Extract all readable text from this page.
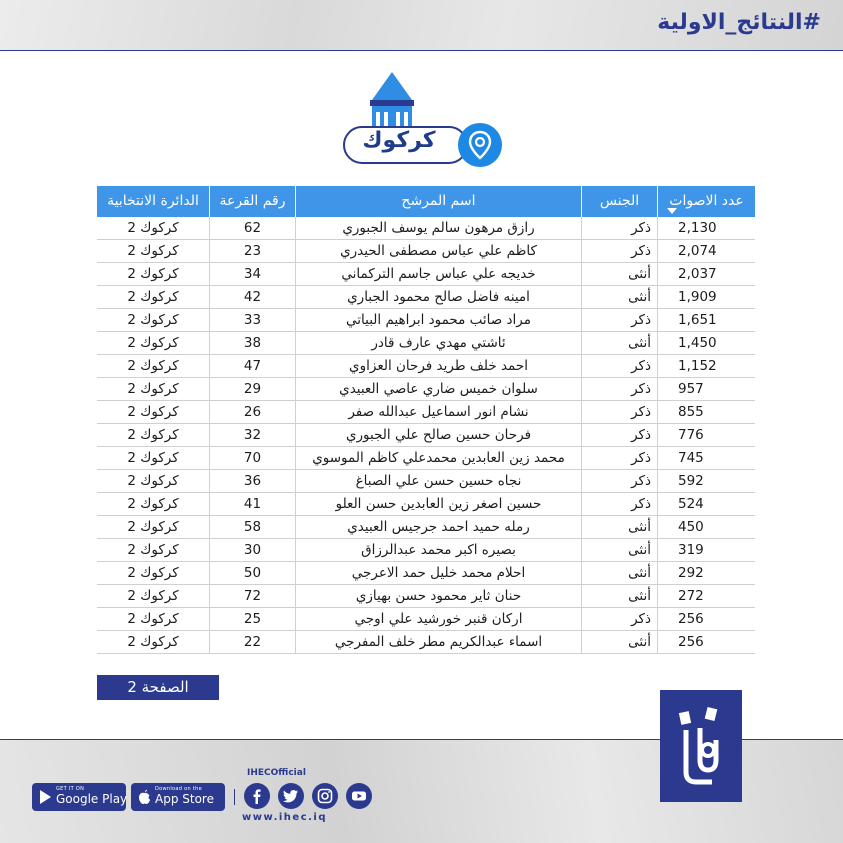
#النتائج_الاولية
كركوك
عدد الاصوات
الجنس
اسم المرشح
رقم القرعة
الدائرة الانتخابية
2,130
ذكر
رازق مرهون سالم يوسف الجبوري
62
كركوك 2
2,074
ذكر
كاظم علي عباس مصطفى الحيدري
23
كركوك 2
2,037
أنثى
خديجه علي عباس جاسم التركماني
34
كركوك 2
1,909
أنثى
امينه فاضل صالح محمود الجباري
42
كركوك 2
1,651
ذكر
مراد صائب محمود ابراهيم البياتي
33
كركوك 2
1,450
أنثى
ئاشتي مهدي عارف قادر
38
كركوك 2
1,152
ذكر
احمد خلف طريد فرحان العزاوي
47
كركوك 2
957
ذكر
سلوان خميس ضاري عاصي العبيدي
29
كركوك 2
855
ذكر
نشام انور اسماعيل عبدالله صفر
26
كركوك 2
776
ذكر
فرحان حسين صالح علي الجبوري
32
كركوك 2
745
ذكر
محمد زين العابدين محمدعلي كاظم الموسوي
70
كركوك 2
592
ذكر
نجاه حسين حسن علي الصباغ
36
كركوك 2
524
ذكر
حسين اصغر زين العابدين حسن العلو
41
كركوك 2
450
أنثى
رمله حميد احمد جرجيس العبيدي
58
كركوك 2
319
أنثى
بصيره اكبر محمد عبدالرزاق
30
كركوك 2
292
أنثى
احلام محمد خليل حمد الاعرجي
50
كركوك 2
272
أنثى
حنان ثاير محمود حسن بهيازي
72
كركوك 2
256
ذكر
اركان قنبر خورشيد علي اوجي
25
كركوك 2
256
أنثى
اسماء عبدالكريم مطر خلف المفرجي
22
كركوك 2
الصفحة 2
GET IT ON
Google Play
Download on the
App Store
IHECOfficial
www.ihec.iq
